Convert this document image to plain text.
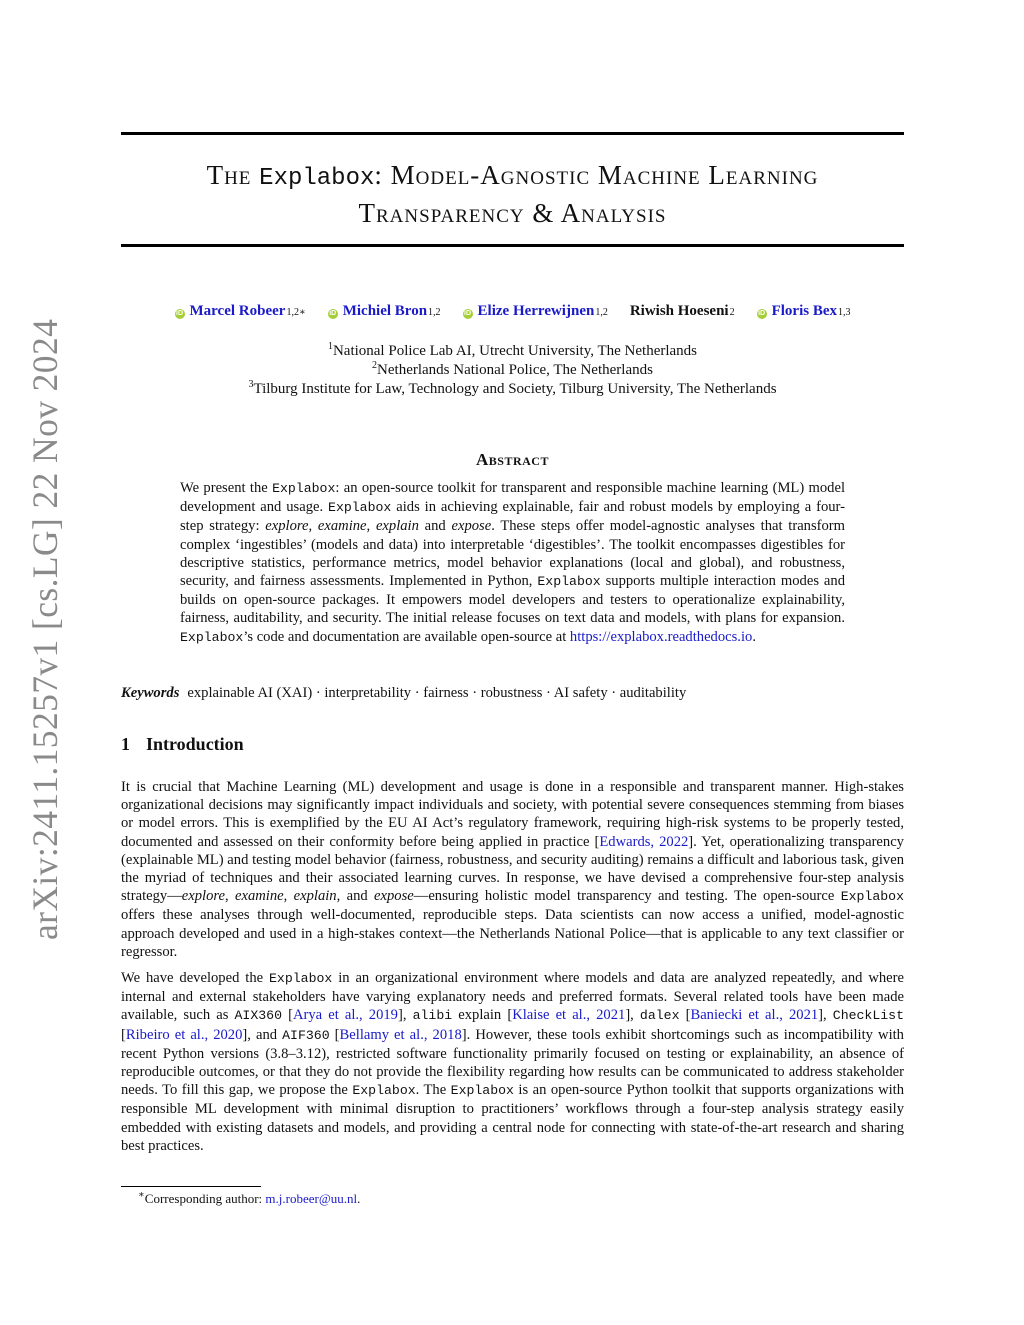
arXiv:2411.15257v1 [cs.LG] 22 Nov 2024
The Explabox: Model-Agnostic Machine Learning
Transparency & Analysis
iD Marcel Robeer 1,2∗	iD Michiel Bron 1,2	iD Elize Herrewijnen 1,2 Riwish Hoeseni 2	iD Floris Bex 1,3
$^1$National Police Lab AI, Utrecht University, The Netherlands
$^2$Netherlands National Police, The Netherlands
$^3$Tilburg Institute for Law, Technology and Society, Tilburg University, The Netherlands
Abstract
We present the Explabox: an open-source toolkit for transparent and responsible machine learning (ML) model development and usage. Explabox aids in achieving explainable, fair and robust models by employing a four-step strategy: explore, examine, explain and expose. These steps offer model-agnostic analyses that transform complex ‘ingestibles’ (models and data) into interpretable ‘digestibles’. The toolkit encompasses digestibles for descriptive statistics, performance metrics, model behavior explanations (local and global), and robustness, security, and fairness assessments. Implemented in Python, Explabox supports multiple interaction modes and builds on open-source packages. It empowers model developers and testers to operationalize explainability, fairness, auditability, and security. The initial release focuses on text data and models, with plans for expansion. Explabox’s code and documentation are available open-source at https://explabox.readthedocs.io.
Keywords explainable AI (XAI) · interpretability · fairness · robustness · AI safety · auditability
1 Introduction
It is crucial that Machine Learning (ML) development and usage is done in a responsible and transparent manner. High-stakes organizational decisions may significantly impact individuals and society, with potential severe consequences stemming from biases or model errors. This is exemplified by the EU AI Act’s regulatory framework, requiring high-risk systems to be properly tested, documented and assessed on their conformity before being applied in practice [Edwards, 2022]. Yet, operationalizing transparency (explainable ML) and testing model behavior (fairness, robustness, and security auditing) remains a difficult and laborious task, given the myriad of techniques and their associated learning curves. In response, we have devised a comprehensive four-step analysis strategy—explore, examine, explain, and expose—ensuring holistic model transparency and testing. The open-source Explabox offers these analyses through well-documented, reproducible steps. Data scientists can now access a unified, model-agnostic approach developed and used in a high-stakes context—the Netherlands National Police—that is applicable to any text classifier or regressor.
We have developed the Explabox in an organizational environment where models and data are analyzed repeatedly, and where internal and external stakeholders have varying explanatory needs and preferred formats. Several related tools have been made available, such as AIX360 [Arya et al., 2019], alibi explain [Klaise et al., 2021], dalex [Baniecki et al., 2021], CheckList [Ribeiro et al., 2020], and AIF360 [Bellamy et al., 2018]. However, these tools exhibit shortcomings such as incompatibility with recent Python versions (3.8–3.12), restricted software functionality primarily focused on testing or explainability, an absence of reproducible outcomes, or that they do not provide the flexibility regarding how results can be communicated to address stakeholder needs. To fill this gap, we propose the Explabox. The Explabox is an open-source Python toolkit that supports organizations with responsible ML development with minimal disruption to practitioners’ workflows through a four-step analysis strategy easily embedded with existing datasets and models, and providing a central node for connecting with state-of-the-art research and sharing best practices.
∗Corresponding author: m.j.robeer@uu.nl.
